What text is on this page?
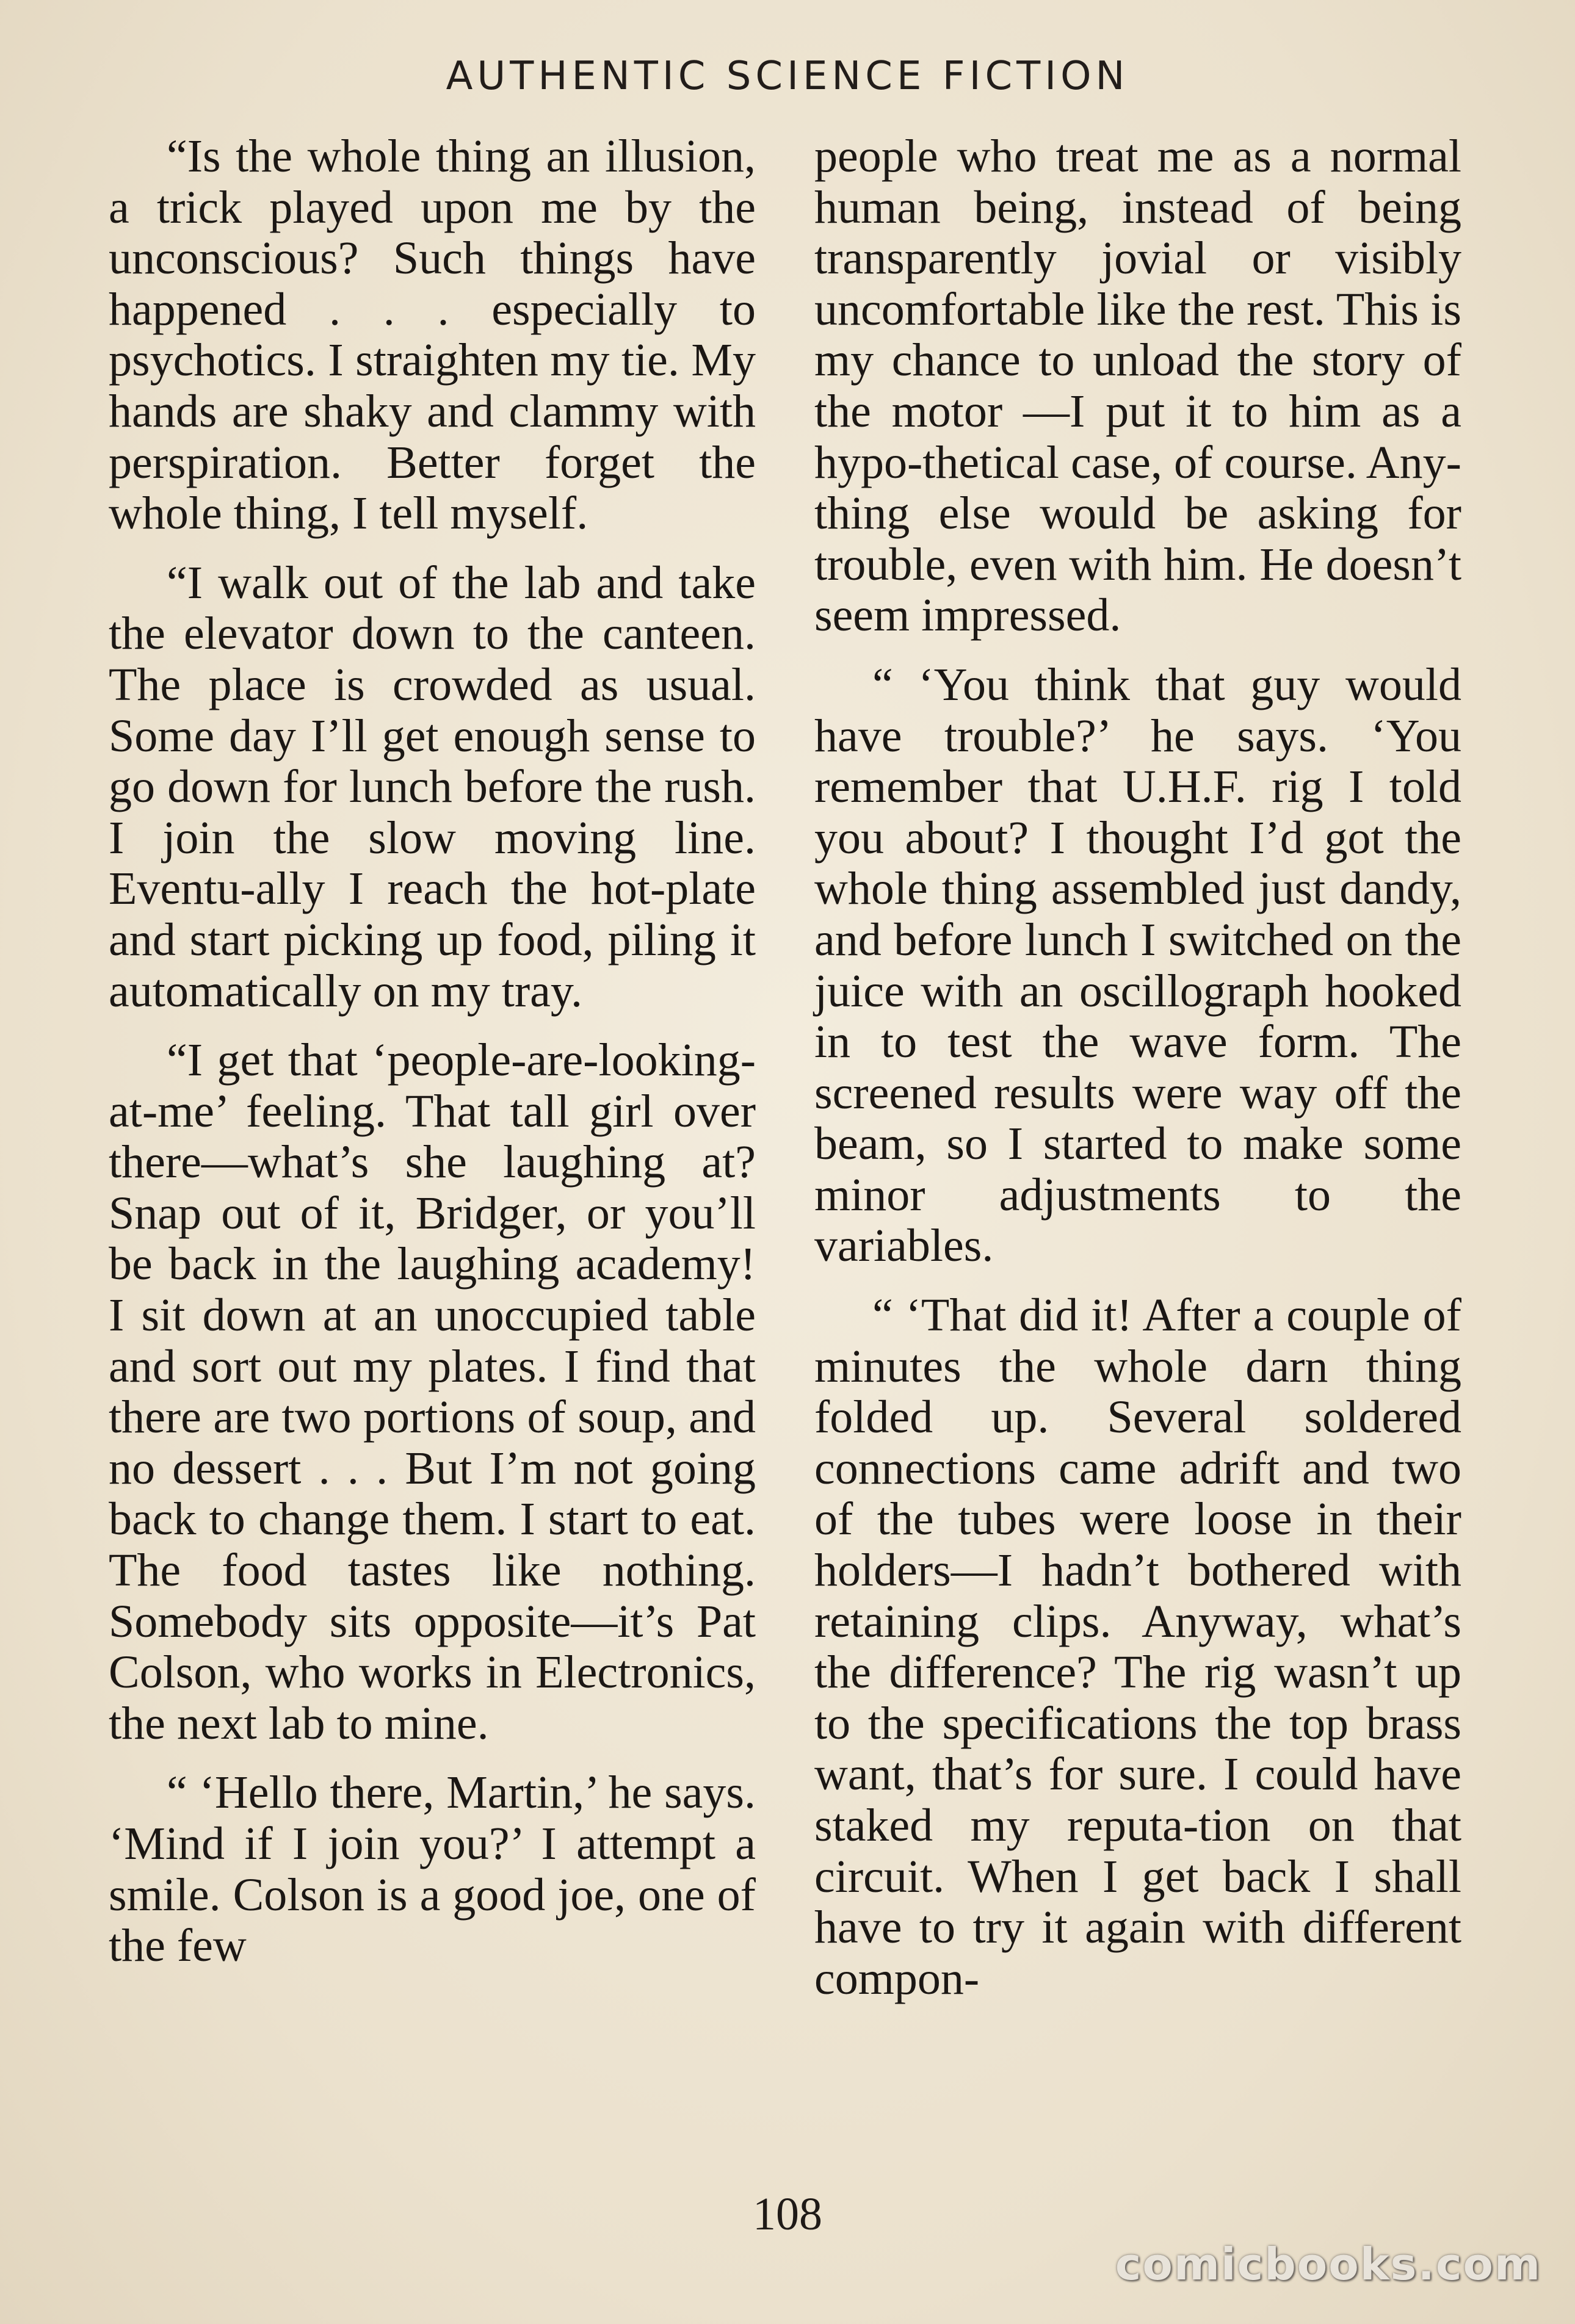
AUTHENTIC SCIENCE FICTION

“Is the whole thing an illusion, a trick played upon me by the unconscious? Such things have happened . . . especially to psychotics. I straighten my tie. My hands are shaky and clammy with perspiration. Better forget the whole thing, I tell myself.

“I walk out of the lab and take the elevator down to the canteen. The place is crowded as usual. Some day I’ll get enough sense to go down for lunch before the rush. I join the slow moving line. Eventu-ally I reach the hot-plate and start picking up food, piling it automatically on my tray.

“I get that ‘people-are-looking-at-me’ feeling. That tall girl over there—what’s she laughing at? Snap out of it, Bridger, or you’ll be back in the laughing academy! I sit down at an unoccupied table and sort out my plates. I find that there are two portions of soup, and no dessert . . . But I’m not going back to change them. I start to eat. The food tastes like nothing. Somebody sits opposite—it’s Pat Colson, who works in Electronics, the next lab to mine.

“ ‘Hello there, Martin,’ he says. ‘Mind if I join you?’ I attempt a smile. Colson is a good joe, one of the few

people who treat me as a normal human being, instead of being transparently jovial or visibly uncomfortable like the rest. This is my chance to unload the story of the motor —I put it to him as a hypo-thetical case, of course. Any-thing else would be asking for trouble, even with him. He doesn’t seem impressed.

“ ‘You think that guy would have trouble?’ he says. ‘You remember that U.H.F. rig I told you about? I thought I’d got the whole thing assembled just dandy, and before lunch I switched on the juice with an oscillograph hooked in to test the wave form. The screened results were way off the beam, so I started to make some minor adjustments to the variables.

“ ‘That did it! After a couple of minutes the whole darn thing folded up. Several soldered connections came adrift and two of the tubes were loose in their holders—I hadn’t bothered with retaining clips. Anyway, what’s the difference? The rig wasn’t up to the specifications the top brass want, that’s for sure. I could have staked my reputa-tion on that circuit. When I get back I shall have to try it again with different compon-

108
comicbooks.com
